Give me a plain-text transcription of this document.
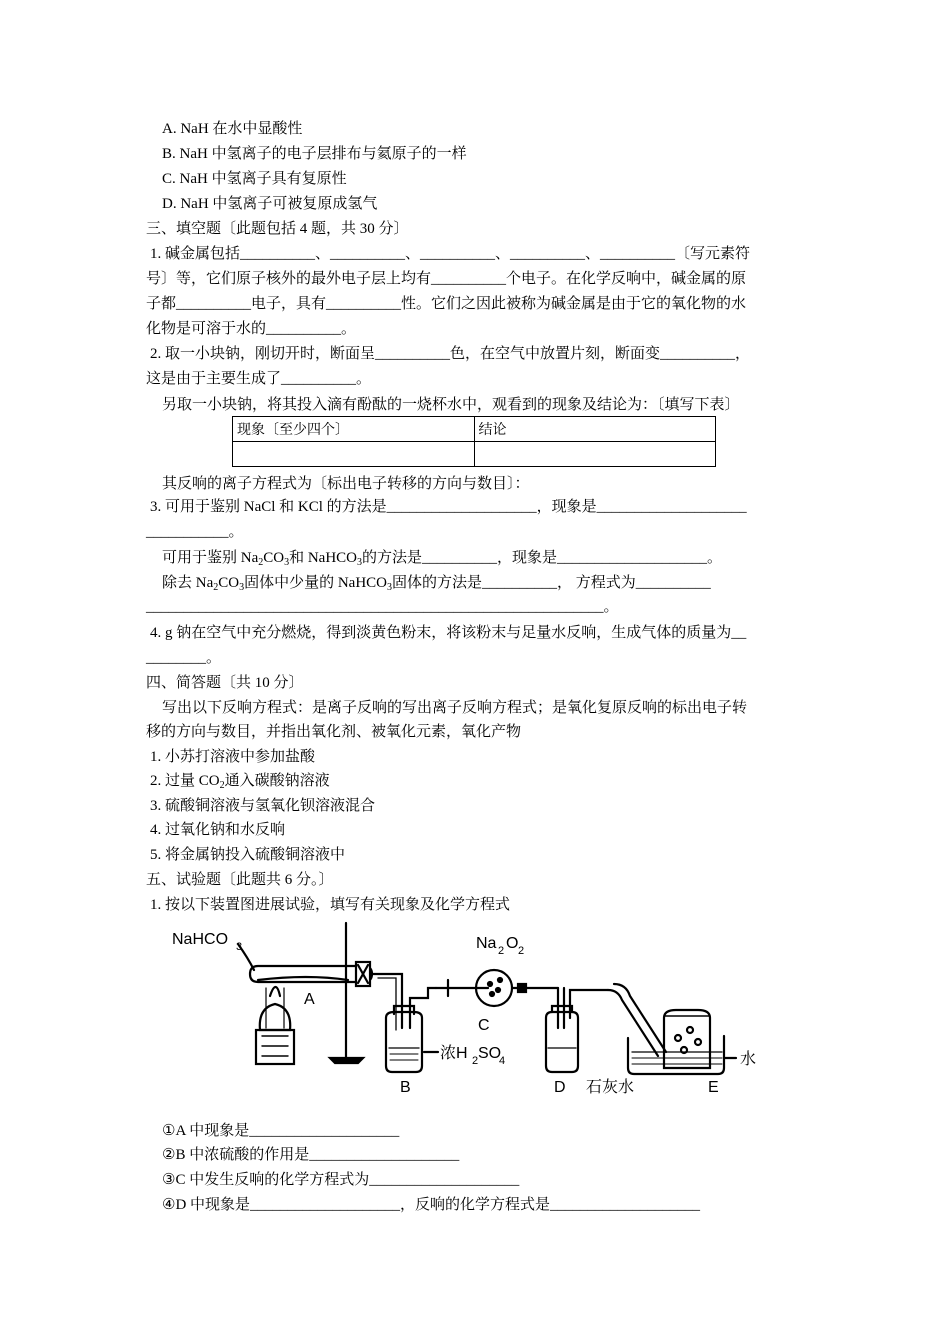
A. NaH 在水中显酸性
B. NaH 中氢离子的电子层排布与氦原子的一样
C. NaH 中氢离子具有复原性
D. NaH 中氢离子可被复原成氢气
三、填空题〔此题包括 4 题，共 30 分〕
1. 碱金属包括__________、__________、__________、__________、__________〔写元素符
号〕等，它们原子核外的最外电子层上均有__________个电子。在化学反响中，碱金属的原
子都__________电子，具有__________性。它们之因此被称为碱金属是由于它的氧化物的水
化物是可溶于水的__________。
2. 取一小块钠，刚切开时，断面呈__________色，在空气中放置片刻，断面变__________，
这是由于主要生成了__________。
另取一小块钠，将其投入滴有酚酞的一烧杯水中，观看到的现象及结论为：〔填写下表〕
现象〔至少四个〕	结论

其反响的离子方程式为〔标出电子转移的方向与数目〕：
3. 可用于鉴别 NaCl 和 KCl 的方法是____________________，现象是____________________
___________。
可用于鉴别 $Na_2CO_3$和 NaHCO$_3$的方法是__________，现象是____________________。
除去 $Na_2CO_3$固体中少量的 NaHCO$_3$固体的方法是__________， 方程式为__________
_____________________________________________________________。
4. g 钠在空气中充分燃烧，得到淡黄色粉末，将该粉末与足量水反响，生成气体的质量为__
________。
四、简答题〔共 10 分〕
写出以下反响方程式：是离子反响的写出离子反响方程式；是氧化复原反响的标出电子转
移的方向与数目，并指出氧化剂、被氧化元素，氧化产物
1. 小苏打溶液中参加盐酸
2. 过量 $CO_2$通入碳酸钠溶液
3. 硫酸铜溶液与氢氧化钡溶液混合
4. 过氧化钠和水反响
5. 将金属钠投入硫酸铜溶液中
五、试验题〔此题共 6 分。〕
1. 按以下装置图进展试验，填写有关现象及化学方程式
NaHCO 3	Na 2 O 2
浓H 2 SO
4
石灰水
水
A
B
C
D	E
①A 中现象是____________________
②B 中浓硫酸的作用是____________________
③C 中发生反响的化学方程式为____________________
④D 中现象是____________________，反响的化学方程式是____________________
